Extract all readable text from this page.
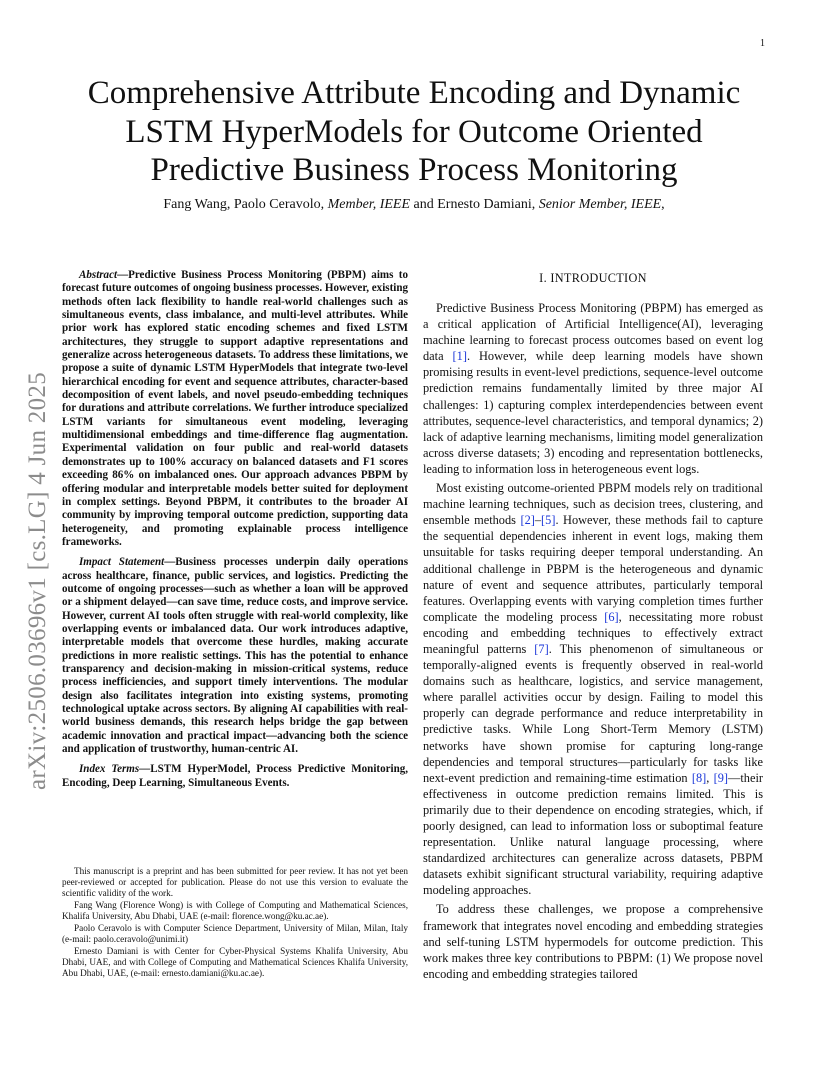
1
arXiv:2506.03696v1 [cs.LG] 4 Jun 2025
Comprehensive Attribute Encoding and Dynamic LSTM HyperModels for Outcome Oriented Predictive Business Process Monitoring
Fang Wang, Paolo Ceravolo, Member, IEEE and Ernesto Damiani, Senior Member, IEEE,

Abstract—Predictive Business Process Monitoring (PBPM) aims to forecast future outcomes of ongoing business processes. However, existing methods often lack flexibility to handle real-world challenges such as simultaneous events, class imbalance, and multi-level attributes. While prior work has explored static encoding schemes and fixed LSTM architectures, they struggle to support adaptive representations and generalize across heterogeneous datasets. To address these limitations, we propose a suite of dynamic LSTM HyperModels that integrate two-level hierarchical encoding for event and sequence attributes, character-based decomposition of event labels, and novel pseudo-embedding techniques for durations and attribute correlations. We further introduce specialized LSTM variants for simultaneous event modeling, leveraging multidimensional embeddings and time-difference flag augmentation. Experimental validation on four public and real-world datasets demonstrates up to 100% accuracy on balanced datasets and F1 scores exceeding 86% on imbalanced ones. Our approach advances PBPM by offering modular and interpretable models better suited for deployment in complex settings. Beyond PBPM, it contributes to the broader AI community by improving temporal outcome prediction, supporting data heterogeneity, and promoting explainable process intelligence frameworks.

Impact Statement—Business processes underpin daily operations across healthcare, finance, public services, and logistics. Predicting the outcome of ongoing processes—such as whether a loan will be approved or a shipment delayed—can save time, reduce costs, and improve service. However, current AI tools often struggle with real-world complexity, like overlapping events or imbalanced data. Our work introduces adaptive, interpretable models that overcome these hurdles, making accurate predictions in more realistic settings. This has the potential to enhance transparency and decision-making in mission-critical systems, reduce process inefficiencies, and support timely interventions. The modular design also facilitates integration into existing systems, promoting technological uptake across sectors. By aligning AI capabilities with real-world business demands, this research helps bridge the gap between academic innovation and practical impact—advancing both the science and application of trustworthy, human-centric AI.

Index Terms—LSTM HyperModel, Process Predictive Monitoring, Encoding, Deep Learning, Simultaneous Events.

This manuscript is a preprint and has been submitted for peer review. It has not yet been peer-reviewed or accepted for publication. Please do not use this version to evaluate the scientific validity of the work.

Fang Wang (Florence Wong) is with College of Computing and Mathematical Sciences, Khalifa University, Abu Dhabi, UAE (e-mail: florence.wong@ku.ac.ae).

Paolo Ceravolo is with Computer Science Department, University of Milan, Milan, Italy (e-mail: paolo.ceravolo@unimi.it)

Ernesto Damiani is with Center for Cyber-Physical Systems Khalifa University, Abu Dhabi, UAE, and with College of Computing and Mathematical Sciences Khalifa University, Abu Dhabi, UAE, (e-mail: ernesto.damiani@ku.ac.ae).

I. INTRODUCTION

Predictive Business Process Monitoring (PBPM) has emerged as a critical application of Artificial Intelligence(AI), leveraging machine learning to forecast process outcomes based on event log data [1]. However, while deep learning models have shown promising results in event-level predictions, sequence-level outcome prediction remains fundamentally limited by three major AI challenges: 1) capturing complex interdependencies between event attributes, sequence-level characteristics, and temporal dynamics; 2) lack of adaptive learning mechanisms, limiting model generalization across diverse datasets; 3) encoding and representation bottlenecks, leading to information loss in heterogeneous event logs.

Most existing outcome-oriented PBPM models rely on traditional machine learning techniques, such as decision trees, clustering, and ensemble methods [2]–[5]. However, these methods fail to capture the sequential dependencies inherent in event logs, making them unsuitable for tasks requiring deeper temporal understanding. An additional challenge in PBPM is the heterogeneous and dynamic nature of event and sequence attributes, particularly temporal features. Overlapping events with varying completion times further complicate the modeling process [6], necessitating more robust encoding and embedding techniques to effectively extract meaningful patterns [7]. This phenomenon of simultaneous or temporally-aligned events is frequently observed in real-world domains such as healthcare, logistics, and service management, where parallel activities occur by design. Failing to model this properly can degrade performance and reduce interpretability in predictive tasks. While Long Short-Term Memory (LSTM) networks have shown promise for capturing long-range dependencies and temporal structures—particularly for tasks like next-event prediction and remaining-time estimation [8], [9]—their effectiveness in outcome prediction remains limited. This is primarily due to their dependence on encoding strategies, which, if poorly designed, can lead to information loss or suboptimal feature representation. Unlike natural language processing, where standardized architectures can generalize across datasets, PBPM datasets exhibit significant structural variability, requiring adaptive modeling approaches.

To address these challenges, we propose a comprehensive framework that integrates novel encoding and embedding strategies and self-tuning LSTM hypermodels for outcome prediction. This work makes three key contributions to PBPM: (1) We propose novel encoding and embedding strategies tailored
